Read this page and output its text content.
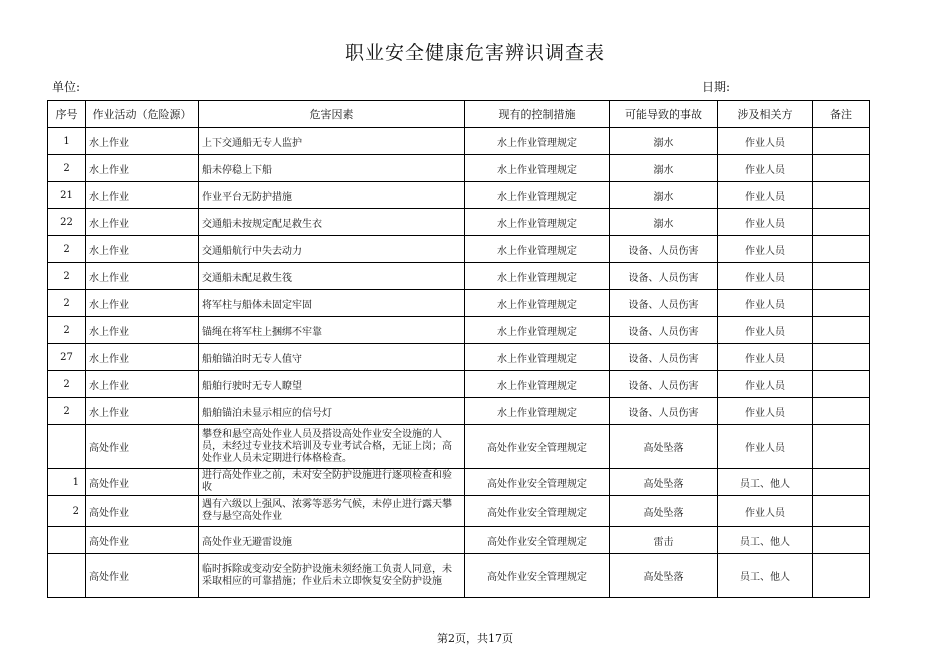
职业安全健康危害辨识调查表
单位:	日期:
序号	作业活动（危险源）	危害因素	现有的控制措施	可能导致的事故	涉及相关方	备注
1	水上作业	上下交通船无专人监护	水上作业管理规定	溺水	作业人员	
2	水上作业	船未停稳上下船	水上作业管理规定	溺水	作业人员	
21	水上作业	作业平台无防护措施	水上作业管理规定	溺水	作业人员	
22	水上作业	交通船未按规定配足救生衣	水上作业管理规定	溺水	作业人员	
2	水上作业	交通船航行中失去动力	水上作业管理规定	设备、人员伤害	作业人员	
2	水上作业	交通船未配足救生筏	水上作业管理规定	设备、人员伤害	作业人员	
2	水上作业	将军柱与船体未固定牢固	水上作业管理规定	设备、人员伤害	作业人员	
2	水上作业	锚绳在将军柱上捆绑不牢靠	水上作业管理规定	设备、人员伤害	作业人员	
27	水上作业	船舶锚泊时无专人值守	水上作业管理规定	设备、人员伤害	作业人员	
2	水上作业	船舶行驶时无专人瞭望	水上作业管理规定	设备、人员伤害	作业人员	
2	水上作业	船舶锚泊未显示相应的信号灯	水上作业管理规定	设备、人员伤害	作业人员	
	高处作业	攀登和悬空高处作业人员及搭设高处作业安全设施的人员，未经过专业技术培训及专业考试合格，无证上岗；高处作业人员未定期进行体格检查。	高处作业安全管理规定	高处坠落	作业人员	
1	高处作业	进行高处作业之前，未对安全防护设施进行逐项检查和验收	高处作业安全管理规定	高处坠落	员工、他人	
2	高处作业	遇有六级以上强风、浓雾等恶劣气候，未停止进行露天攀登与悬空高处作业	高处作业安全管理规定	高处坠落	作业人员	
	高处作业	高处作业无避雷设施	高处作业安全管理规定	雷击	员工、他人	
	高处作业	临时拆除或变动安全防护设施未须经施工负责人同意，未采取相应的可靠措施；作业后未立即恢复安全防护设施	高处作业安全管理规定	高处坠落	员工、他人	
第2页，共17页
